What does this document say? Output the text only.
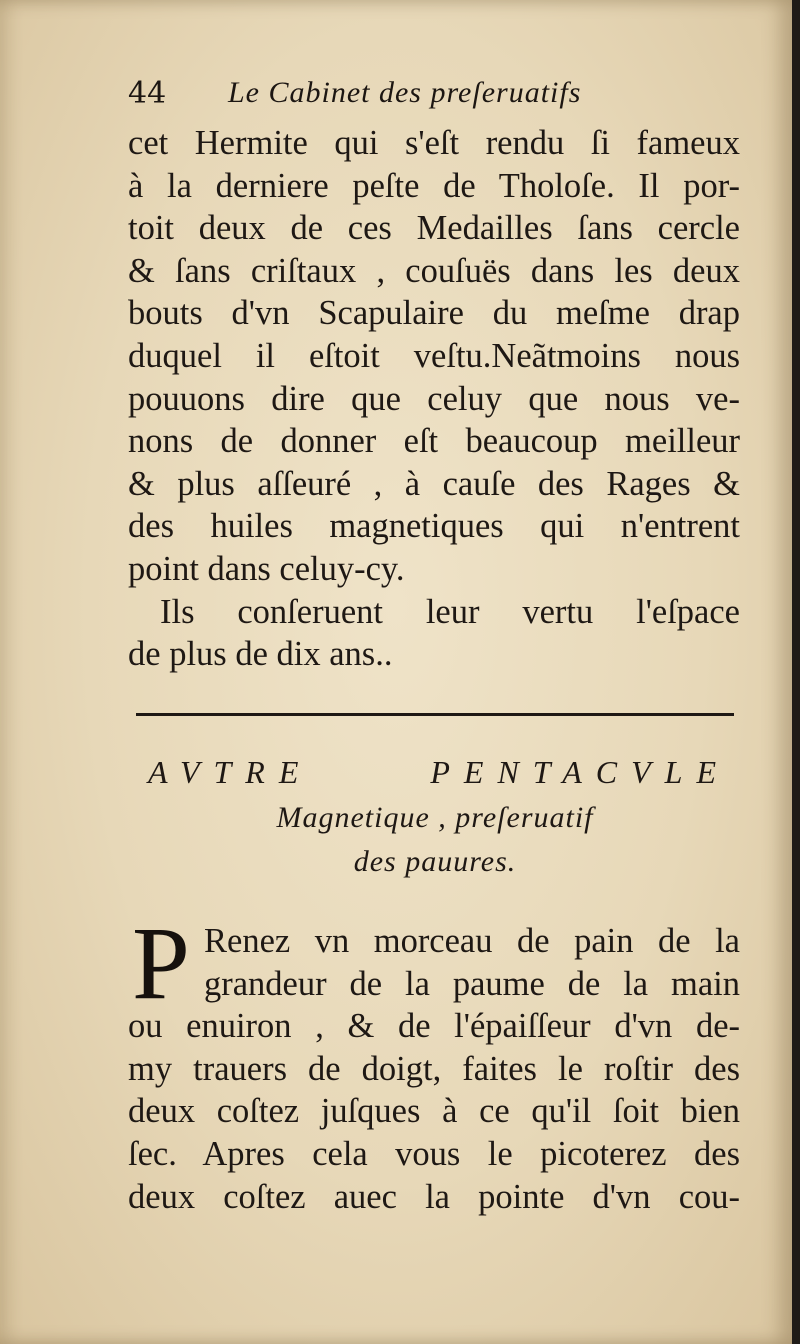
44 Le Cabinet des preſeruatifs
cet Hermite qui s'eſt rendu ſi fameux
à la derniere peſte de Tholoſe. Il por-
toit deux de ces Medailles ſans cercle
& ſans criſtaux , couſuës dans les deux
bouts d'vn Scapulaire du meſme drap
duquel il eſtoit veſtu.Neãtmoins nous
pouuons dire que celuy que nous ve-
nons de donner eſt beaucoup meilleur
& plus aſſeuré , à cauſe des Rages &
des huiles magnetiques qui n'entrent
point dans celuy-cy.
Ils conſeruent leur vertu l'eſpace
de plus de dix ans..
AVTRE PENTACVLE
Magnetique , preſeruatif
des pauures.
P Renez vn morceau de pain de la
grandeur de la paume de la main
ou enuiron , & de l'épaiſſeur d'vn de-
my trauers de doigt, faites le roſtir des
deux coſtez juſques à ce qu'il ſoit bien
ſec. Apres cela vous le picoterez des
deux coſtez auec la pointe d'vn cou-
